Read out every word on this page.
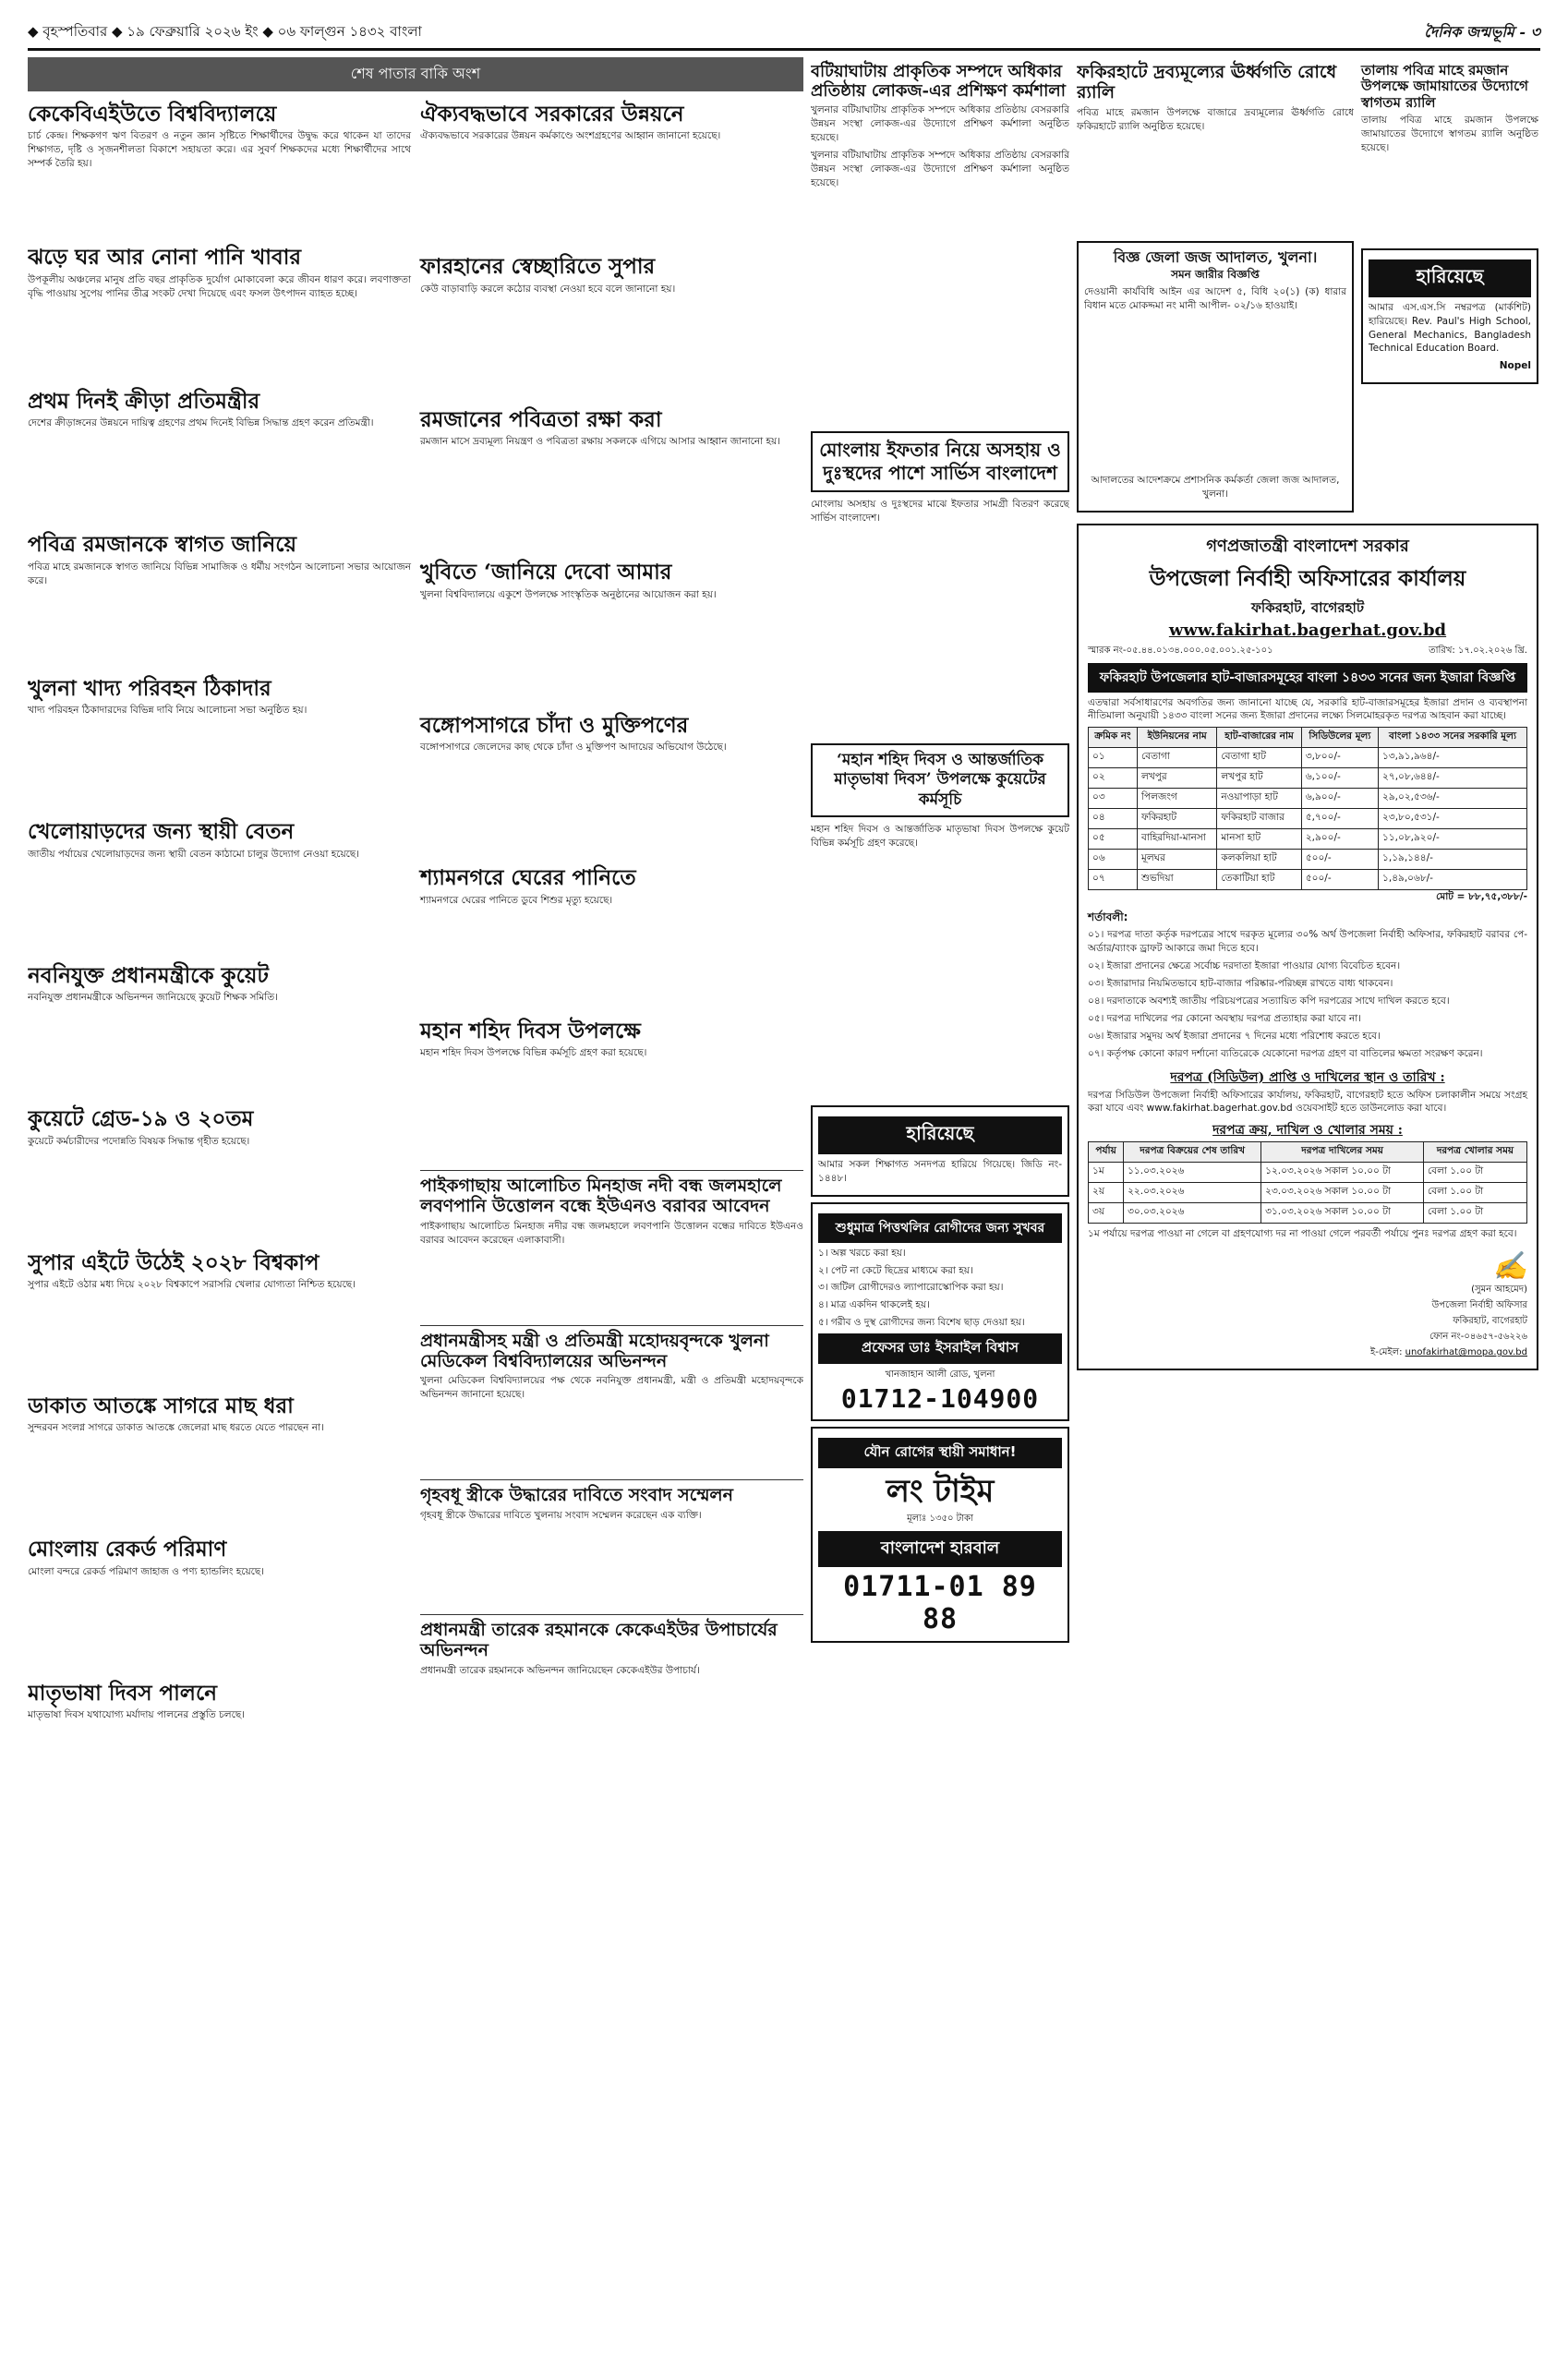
◆ বৃহস্পতিবার ◆ ১৯ ফেব্রুয়ারি ২০২৬ ইং ◆ ০৬ ফাল্গুন ১৪৩২ বাংলা	দৈনিক জন্মভূমি - ৩
শেষ পাতার বাকি অংশ
কেকেবিএইউতে বিশ্ববিদ্যালয়ে

চার্চ কেন্দ্র। শিক্ষকগণ ঋণ বিতরণ ও নতুন জ্ঞান সৃষ্টিতে শিক্ষার্থীদের উদ্বুদ্ধ করে থাকেন যা তাদের শিক্ষাগত, দৃষ্টি ও সৃজনশীলতা বিকাশে সহায়তা করে। এর সুবর্ণ শিক্ষকদের মধ্যে শিক্ষার্থীদের সাথে সম্পর্ক তৈরি হয়।

ঝড়ে ঘর আর নোনা পানি খাবার

উপকূলীয় অঞ্চলের মানুষ প্রতি বছর প্রাকৃতিক দুর্যোগ মোকাবেলা করে জীবন ধারণ করে। লবণাক্ততা বৃদ্ধি পাওয়ায় সুপেয় পানির তীব্র সংকট দেখা দিয়েছে এবং ফসল উৎপাদন ব্যাহত হচ্ছে।

প্রথম দিনই ক্রীড়া প্রতিমন্ত্রীর

দেশের ক্রীড়াঙ্গনের উন্নয়নে দায়িত্ব গ্রহণের প্রথম দিনেই বিভিন্ন সিদ্ধান্ত গ্রহণ করেন প্রতিমন্ত্রী।

পবিত্র রমজানকে স্বাগত জানিয়ে

পবিত্র মাহে রমজানকে স্বাগত জানিয়ে বিভিন্ন সামাজিক ও ধর্মীয় সংগঠন আলোচনা সভার আয়োজন করে।

খুলনা খাদ্য পরিবহন ঠিকাদার

খাদ্য পরিবহন ঠিকাদারদের বিভিন্ন দাবি নিয়ে আলোচনা সভা অনুষ্ঠিত হয়।

খেলোয়াড়দের জন্য স্থায়ী বেতন

জাতীয় পর্যায়ের খেলোয়াড়দের জন্য স্থায়ী বেতন কাঠামো চালুর উদ্যোগ নেওয়া হয়েছে।

নবনিযুক্ত প্রধানমন্ত্রীকে কুয়েট

নবনিযুক্ত প্রধানমন্ত্রীকে অভিনন্দন জানিয়েছে কুয়েট শিক্ষক সমিতি।

কুয়েটে গ্রেড-১৯ ও ২০তম

কুয়েটে কর্মচারীদের পদোন্নতি বিষয়ক সিদ্ধান্ত গৃহীত হয়েছে।

সুপার এইটে উঠেই ২০২৮ বিশ্বকাপ

সুপার এইটে ওঠার মধ্য দিয়ে ২০২৮ বিশ্বকাপে সরাসরি খেলার যোগ্যতা নিশ্চিত হয়েছে।

ডাকাত আতঙ্কে সাগরে মাছ ধরা

সুন্দরবন সংলগ্ন সাগরে ডাকাত আতঙ্কে জেলেরা মাছ ধরতে যেতে পারছেন না।

মোংলায় রেকর্ড পরিমাণ

মোংলা বন্দরে রেকর্ড পরিমাণ জাহাজ ও পণ্য হ্যান্ডলিং হয়েছে।

মাতৃভাষা দিবস পালনে

মাতৃভাষা দিবস যথাযোগ্য মর্যাদায় পালনের প্রস্তুতি চলছে।

ঐক্যবদ্ধভাবে সরকারের উন্নয়নে

ঐক্যবদ্ধভাবে সরকারের উন্নয়ন কর্মকাণ্ডে অংশগ্রহণের আহ্বান জানানো হয়েছে।

ফারহানের স্বেচ্ছারিতে সুপার

কেউ বাড়াবাড়ি করলে কঠোর ব্যবস্থা নেওয়া হবে বলে জানানো হয়।

রমজানের পবিত্রতা রক্ষা করা

রমজান মাসে দ্রব্যমূল্য নিয়ন্ত্রণ ও পবিত্রতা রক্ষায় সকলকে এগিয়ে আসার আহ্বান জানানো হয়।

খুবিতে ‘জানিয়ে দেবো আমার

খুলনা বিশ্ববিদ্যালয়ে একুশে উপলক্ষে সাংস্কৃতিক অনুষ্ঠানের আয়োজন করা হয়।

বঙ্গোপসাগরে চাঁদা ও মুক্তিপণের

বঙ্গোপসাগরে জেলেদের কাছ থেকে চাঁদা ও মুক্তিপণ আদায়ের অভিযোগ উঠেছে।

শ্যামনগরে ঘেরের পানিতে

শ্যামনগরে ঘেরের পানিতে ডুবে শিশুর মৃত্যু হয়েছে।

মহান শহিদ দিবস উপলক্ষে

মহান শহিদ দিবস উপলক্ষে বিভিন্ন কর্মসূচি গ্রহণ করা হয়েছে।

পাইকগাছায় আলোচিত মিনহাজ নদী বন্ধ জলমহালে লবণপানি উত্তোলন বন্ধে ইউএনও বরাবর আবেদন

পাইকগাছায় আলোচিত মিনহাজ নদীর বন্ধ জলমহালে লবণপানি উত্তোলন বন্ধের দাবিতে ইউএনও বরাবর আবেদন করেছেন এলাকাবাসী।

প্রধানমন্ত্রীসহ মন্ত্রী ও প্রতিমন্ত্রী মহোদয়বৃন্দকে খুলনা মেডিকেল বিশ্ববিদ্যালয়ের অভিনন্দন

খুলনা মেডিকেল বিশ্ববিদ্যালয়ের পক্ষ থেকে নবনিযুক্ত প্রধানমন্ত্রী, মন্ত্রী ও প্রতিমন্ত্রী মহোদয়বৃন্দকে অভিনন্দন জানানো হয়েছে।

গৃহবধূ স্ত্রীকে উদ্ধারের দাবিতে সংবাদ সম্মেলন

গৃহবধূ স্ত্রীকে উদ্ধারের দাবিতে খুলনায় সংবাদ সম্মেলন করেছেন এক ব্যক্তি।

প্রধানমন্ত্রী তারেক রহমানকে কেকেএইউর উপাচার্যের অভিনন্দন

প্রধানমন্ত্রী তারেক রহমানকে অভিনন্দন জানিয়েছেন কেকেএইউর উপাচার্য।

বটিয়াঘাটায় প্রাকৃতিক সম্পদে অধিকার প্রতিষ্ঠায় লোকজ-এর প্রশিক্ষণ কর্মশালা

খুলনার বটিয়াঘাটায় প্রাকৃতিক সম্পদে অধিকার প্রতিষ্ঠায় বেসরকারি উন্নয়ন সংস্থা লোকজ-এর উদ্যোগে প্রশিক্ষণ কর্মশালা অনুষ্ঠিত হয়েছে।

খুলনার বটিয়াঘাটায় প্রাকৃতিক সম্পদে অধিকার প্রতিষ্ঠায় বেসরকারি উন্নয়ন সংস্থা লোকজ-এর উদ্যোগে প্রশিক্ষণ কর্মশালা অনুষ্ঠিত হয়েছে।

মোংলায় ইফতার নিয়ে অসহায় ও দুঃস্থদের পাশে সার্ভিস বাংলাদেশ

মোংলায় অসহায় ও দুঃস্থদের মাঝে ইফতার সামগ্রী বিতরণ করেছে সার্ভিস বাংলাদেশ।

‘মহান শহিদ দিবস ও আন্তর্জাতিক মাতৃভাষা দিবস’ উপলক্ষে কুয়েটের কর্মসূচি

মহান শহিদ দিবস ও আন্তর্জাতিক মাতৃভাষা দিবস উপলক্ষে কুয়েট বিভিন্ন কর্মসূচি গ্রহণ করেছে।

হারিয়েছে

আমার সকল শিক্ষাগত সনদপত্র হারিয়ে গিয়েছে। জিডি নং- ১৪৪৮।

শুধুমাত্র পিত্তথলির রোগীদের জন্য সুখবর
১। অল্প খরচে করা হয়।
২। পেট না কেটে ছিদ্রের মাধ্যমে করা হয়।
৩। জটিল রোগীদেরও ল্যাপারোস্কোপিক করা হয়।
৪। মাত্র একদিন থাকলেই হয়।
৫। গরীব ও দুস্থ রোগীদের জন্য বিশেষ ছাড় দেওয়া হয়।
প্রফেসর ডাঃ ইসরাইল বিশ্বাস
খানজাহান আলী রোড, খুলনা
01712-104900
যৌন রোগের স্থায়ী সমাধান!
লং টাইম
মূল্যঃ ১৩৫০ টাকা
বাংলাদেশ হারবাল
01711-01 89 88
ফকিরহাটে দ্রব্যমূল্যের ঊর্ধ্বগতি রোধে র‍্যালি

পবিত্র মাহে রমজান উপলক্ষে বাজারে দ্রব্যমূল্যের ঊর্ধ্বগতি রোধে ফকিরহাটে র‍্যালি অনুষ্ঠিত হয়েছে।

বিজ্ঞ জেলা জজ আদালত, খুলনা।
সমন জারীর বিজ্ঞপ্তি

দেওয়ানী কার্যবিধি আইন এর আদেশ ৫, বিধি ২০(১) (ক) ধারার বিধান মতে মোকদ্দমা নং মানী আপীল- ০২/১৬ হাওয়াই।

আদালতের আদেশক্রমে প্রশাসনিক কর্মকর্তা জেলা জজ আদালত, খুলনা।

তালায় পবিত্র মাহে রমজান উপলক্ষে জামায়াতের উদ্যোগে স্বাগতম র‍্যালি

তালায় পবিত্র মাহে রমজান উপলক্ষে জামায়াতের উদ্যোগে স্বাগতম র‍্যালি অনুষ্ঠিত হয়েছে।

হারিয়েছে

আমার এস.এস.সি নম্বরপত্র (মার্কশিট) হারিয়েছে। Rev. Paul's High School, General Mechanics, Bangladesh Technical Education Board.

Nopel

গণপ্রজাতন্ত্রী বাংলাদেশ সরকার
উপজেলা নির্বাহী অফিসারের কার্যালয়
ফকিরহাট, বাগেরহাট
www.fakirhat.bagerhat.gov.bd
স্মারক নং-০৫.৪৪.০১৩৪.০০০.০৫.০০১.২৫-১০১	তারিখ: ১৭.০২.২০২৬ খ্রি.
ফকিরহাট উপজেলার হাট-বাজারসমূহের বাংলা ১৪৩৩ সনের জন্য ইজারা বিজ্ঞপ্তি

এতদ্বারা সর্বসাধারণের অবগতির জন্য জানানো যাচ্ছে যে, সরকারি হাট-বাজারসমূহের ইজারা প্রদান ও ব্যবস্থাপনা নীতিমালা অনুযায়ী ১৪৩৩ বাংলা সনের জন্য ইজারা প্রদানের লক্ষ্যে সিলমোহরকৃত দরপত্র আহবান করা যাচ্ছে।

ক্রমিক নং	ইউনিয়নের নাম	হাট-বাজারের নাম	সিডিউলের মূল্য	বাংলা ১৪৩৩ সনের সরকারি মূল্য
০১	বেতাগা	বেতাগা হাট	৩,৮০০/-	১৩,৯১,৯৬৪/-
০২	লখপুর	লখপুর হাট	৬,১০০/-	২৭,০৮,৬৪৪/-
০৩	পিলজংগ	নওয়াপাড়া হাট	৬,৯০০/-	২৯,০২,৫৩৬/-
০৪	ফকিরহাট	ফকিরহাট বাজার	৫,৭০০/-	২৩,৮০,৫৩১/-
০৫	বাহিরদিয়া-মানসা	মানসা হাট	২,৯০০/-	১১,০৮,৯২০/-
০৬	মূলঘর	কলকলিয়া হাট	৫০০/-	১,১৯,১৪৪/-
০৭	শুভদিয়া	তেকাটিয়া হাট	৫০০/-	১,৪৯,০৬৮/-
মোট = ৮৮,৭৫,৩৮৮/-
শর্তাবলী:

০১। দরপত্র দাতা কর্তৃক দরপত্রের সাথে দরকৃত মূল্যের ৩০% অর্থ উপজেলা নির্বাহী অফিসার, ফকিরহাট বরাবর পে-অর্ডার/ব্যাংক ড্রাফট আকারে জমা দিতে হবে।

০২। ইজারা প্রদানের ক্ষেত্রে সর্বোচ্চ দরদাতা ইজারা পাওয়ার যোগ্য বিবেচিত হবেন।

০৩। ইজারাদার নিয়মিতভাবে হাট-বাজার পরিষ্কার-পরিচ্ছন্ন রাখতে বাধ্য থাকবেন।

০৪। দরদাতাকে অবশ্যই জাতীয় পরিচয়পত্রের সত্যায়িত কপি দরপত্রের সাথে দাখিল করতে হবে।

০৫। দরপত্র দাখিলের পর কোনো অবস্থায় দরপত্র প্রত্যাহার করা যাবে না।

০৬। ইজারার সমুদয় অর্থ ইজারা প্রদানের ৭ দিনের মধ্যে পরিশোধ করতে হবে।

০৭। কর্তৃপক্ষ কোনো কারণ দর্শানো ব্যতিরেকে যেকোনো দরপত্র গ্রহণ বা বাতিলের ক্ষমতা সংরক্ষণ করেন।

দরপত্র (সিডিউল) প্রাপ্তি ও দাখিলের স্থান ও তারিখ :

দরপত্র সিডিউল উপজেলা নির্বাহী অফিসারের কার্যালয়, ফকিরহাট, বাগেরহাট হতে অফিস চলাকালীন সময়ে সংগ্রহ করা যাবে এবং www.fakirhat.bagerhat.gov.bd ওয়েবসাইট হতে ডাউনলোড করা যাবে।

দরপত্র ক্রয়, দাখিল ও খোলার সময় :
পর্যায়	দরপত্র বিক্রয়ের শেষ তারিখ	দরপত্র দাখিলের সময়	দরপত্র খোলার সময়
১ম	১১.০৩.২০২৬	১২.০৩.২০২৬ সকাল ১০.০০ টা	বেলা ১.০০ টা
২য়	২২.০৩.২০২৬	২৩.০৩.২০২৬ সকাল ১০.০০ টা	বেলা ১.০০ টা
৩য়	৩০.০৩.২০২৬	৩১.০৩.২০২৬ সকাল ১০.০০ টা	বেলা ১.০০ টা

১ম পর্যায়ে দরপত্র পাওয়া না গেলে বা গ্রহণযোগ্য দর না পাওয়া গেলে পরবর্তী পর্যায়ে পুনঃ দরপত্র গ্রহণ করা হবে।

✍
(সুমন আহমেদ)
উপজেলা নির্বাহী অফিসার
ফকিরহাট, বাগেরহাট
ফোন নং-০৪৬৫৭-৫৬২২৬
ই-মেইল: unofakirhat@mopa.gov.bd
